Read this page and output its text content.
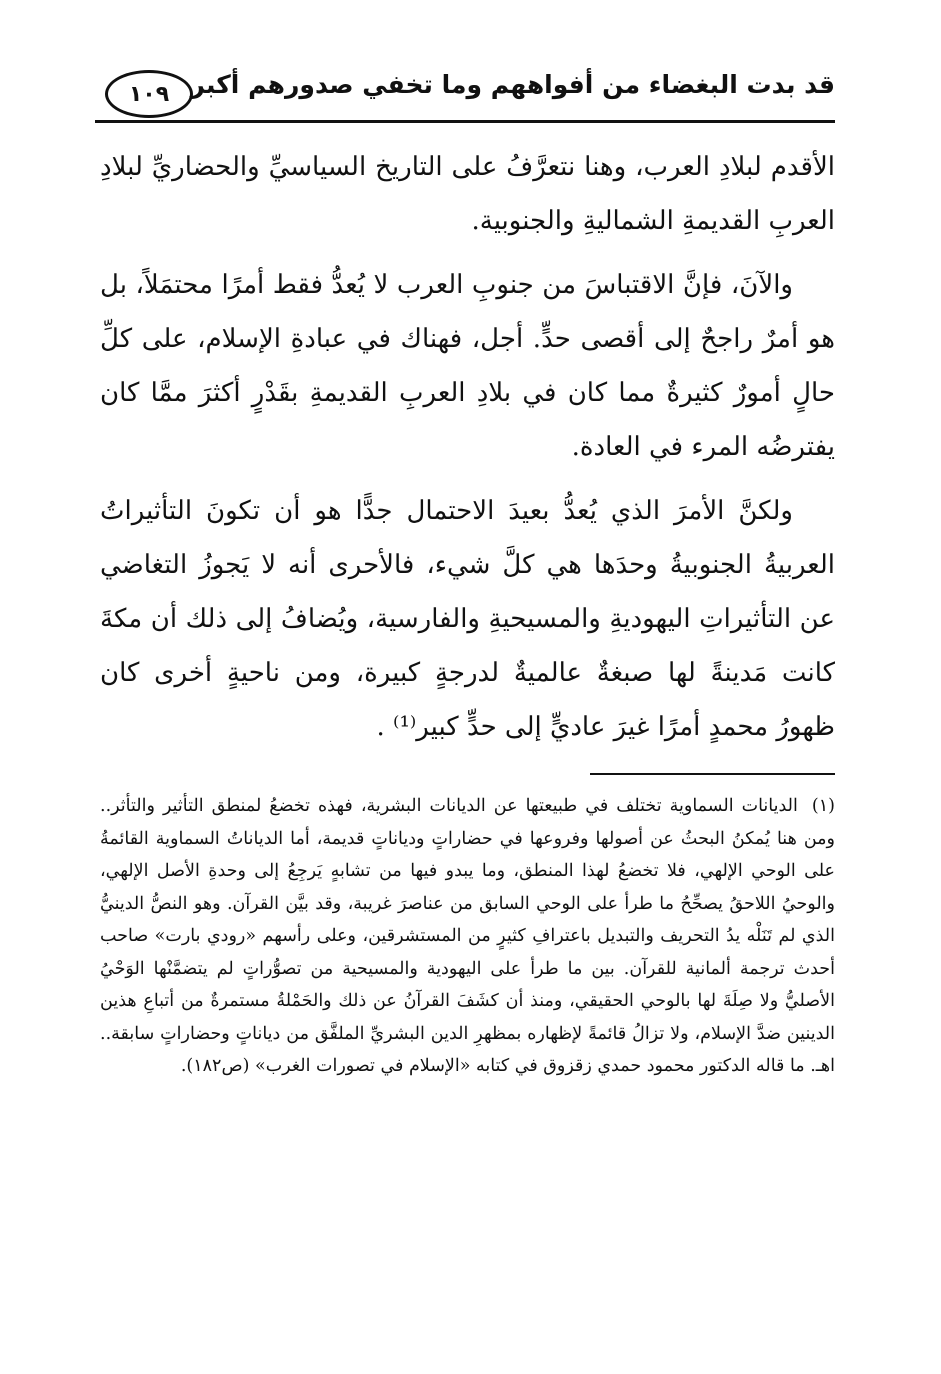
قد بدت البغضاء من أفواههم وما تخفي صدورهم أكبر
١٠٩

الأقدم لبلادِ العرب، وهنا نتعرَّفُ على التاريخ السياسيِّ والحضاريِّ لبلادِ العربِ القديمةِ الشماليةِ والجنوبية.

والآنَ، فإنَّ الاقتباسَ من جنوبِ العرب لا يُعدُّ فقط أمرًا محتمَلاً، بل هو أمرٌ راجحٌ إلى أقصى حدٍّ. أجل، فهناك في عبادةِ الإسلام، على كلِّ حالٍ أمورٌ كثيرةٌ مما كان في بلادِ العربِ القديمةِ بقَدْرٍ أكثرَ ممَّا كان يفترضُه المرء في العادة.

ولكنَّ الأمرَ الذي يُعدُّ بعيدَ الاحتمال جدًّا هو أن تكونَ التأثيراتُ العربيةُ الجنوبيةُ وحدَها هي كلَّ شيء، فالأحرى أنه لا يَجوزُ التغاضي عن التأثيراتِ اليهوديةِ والمسيحيةِ والفارسية، ويُضافُ إلى ذلك أن مكةَ كانت مَدينةً لها صبغةٌ عالميةٌ لدرجةٍ كبيرة، ومن ناحيةٍ أخرى كان ظهورُ محمدٍ أمرًا غيرَ عاديٍّ إلى حدٍّ كبير⁽¹⁾ .

(١) الديانات السماوية تختلف في طبيعتها عن الديانات البشرية، فهذه تخضعُ لمنطق التأثير والتأثر.. ومن هنا يُمكنُ البحثُ عن أصولها وفروعها في حضاراتٍ ودياناتٍ قديمة، أما الدياناتُ السماوية القائمةُ على الوحي الإلهي، فلا تخضعُ لهذا المنطق، وما يبدو فيها من تشابهٍ يَرجِعُ إلى وحدةِ الأصل الإلهي، والوحيُ اللاحقُ يصحِّحُ ما طرأ على الوحي السابق من عناصرَ غريبة، وقد بيَّن القرآن. وهو النصُّ الدينيُّ الذي لم تَنَلْه يدُ التحريف والتبديل باعترافِ كثيرٍ من المستشرقين، وعلى رأسهم «رودي بارت» صاحب أحدث ترجمة ألمانية للقرآن. بين ما طرأ على اليهودية والمسيحية من تصوُّراتٍ لم يتضمَّنْها الوَحْيُ الأصليُّ ولا صِلَةَ لها بالوحي الحقيقي، ومنذ أن كشَفَ القرآنُ عن ذلك والحَمْلةُ مستمرةٌ من أتباعِ هذين الدينين ضدَّ الإسلام، ولا تزالُ قائمةً لإظهاره بمظهرِ الدين البشريِّ الملفَّق من دياناتٍ وحضاراتٍ سابقة.. اهـ. ما قاله الدكتور محمود حمدي زقزوق في كتابه «الإسلام في تصورات الغرب» (ص١٨٢).
